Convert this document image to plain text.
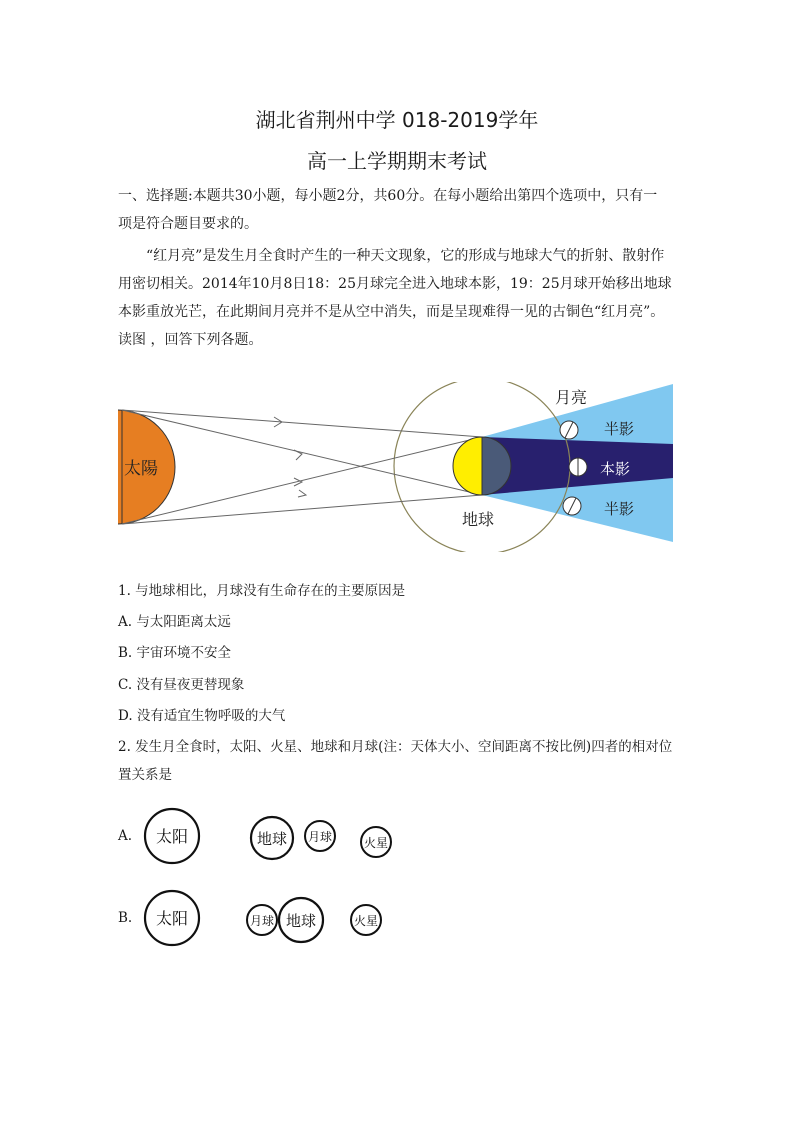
湖北省荆州中学 018-2019学年
高一上学期期末考试

一、选择题:本题共30小题，每小题2分，共60分。在每小题给出第四个选项中，只有一
项是符合题目要求的。

“红月亮”是发生月全食时产生的一种天文现象，它的形成与地球大气的折射、散射作用密切相关。2014年10月8日18：25月球完全进入地球本影，19：25月球开始移出地球本影重放光芒，在此期间月亮并不是从空中消失，而是呈现难得一见的古铜色“红月亮”。读图 ，回答下列各题。

太陽
地球
月亮
半影
本影
半影
1. 与地球相比，月球没有生命存在的主要原因是
A. 与太阳距离太远
B. 宇宙环境不安全
C. 没有昼夜更替现象
D. 没有适宜生物呼吸的大气

2. 发生月全食时，太阳、火星、地球和月球(注：天体大小、空间距离不按比例)四者的相对位置关系是

A. 太阳	地球 月球	火星
B. 太阳	月球 地球	火星
